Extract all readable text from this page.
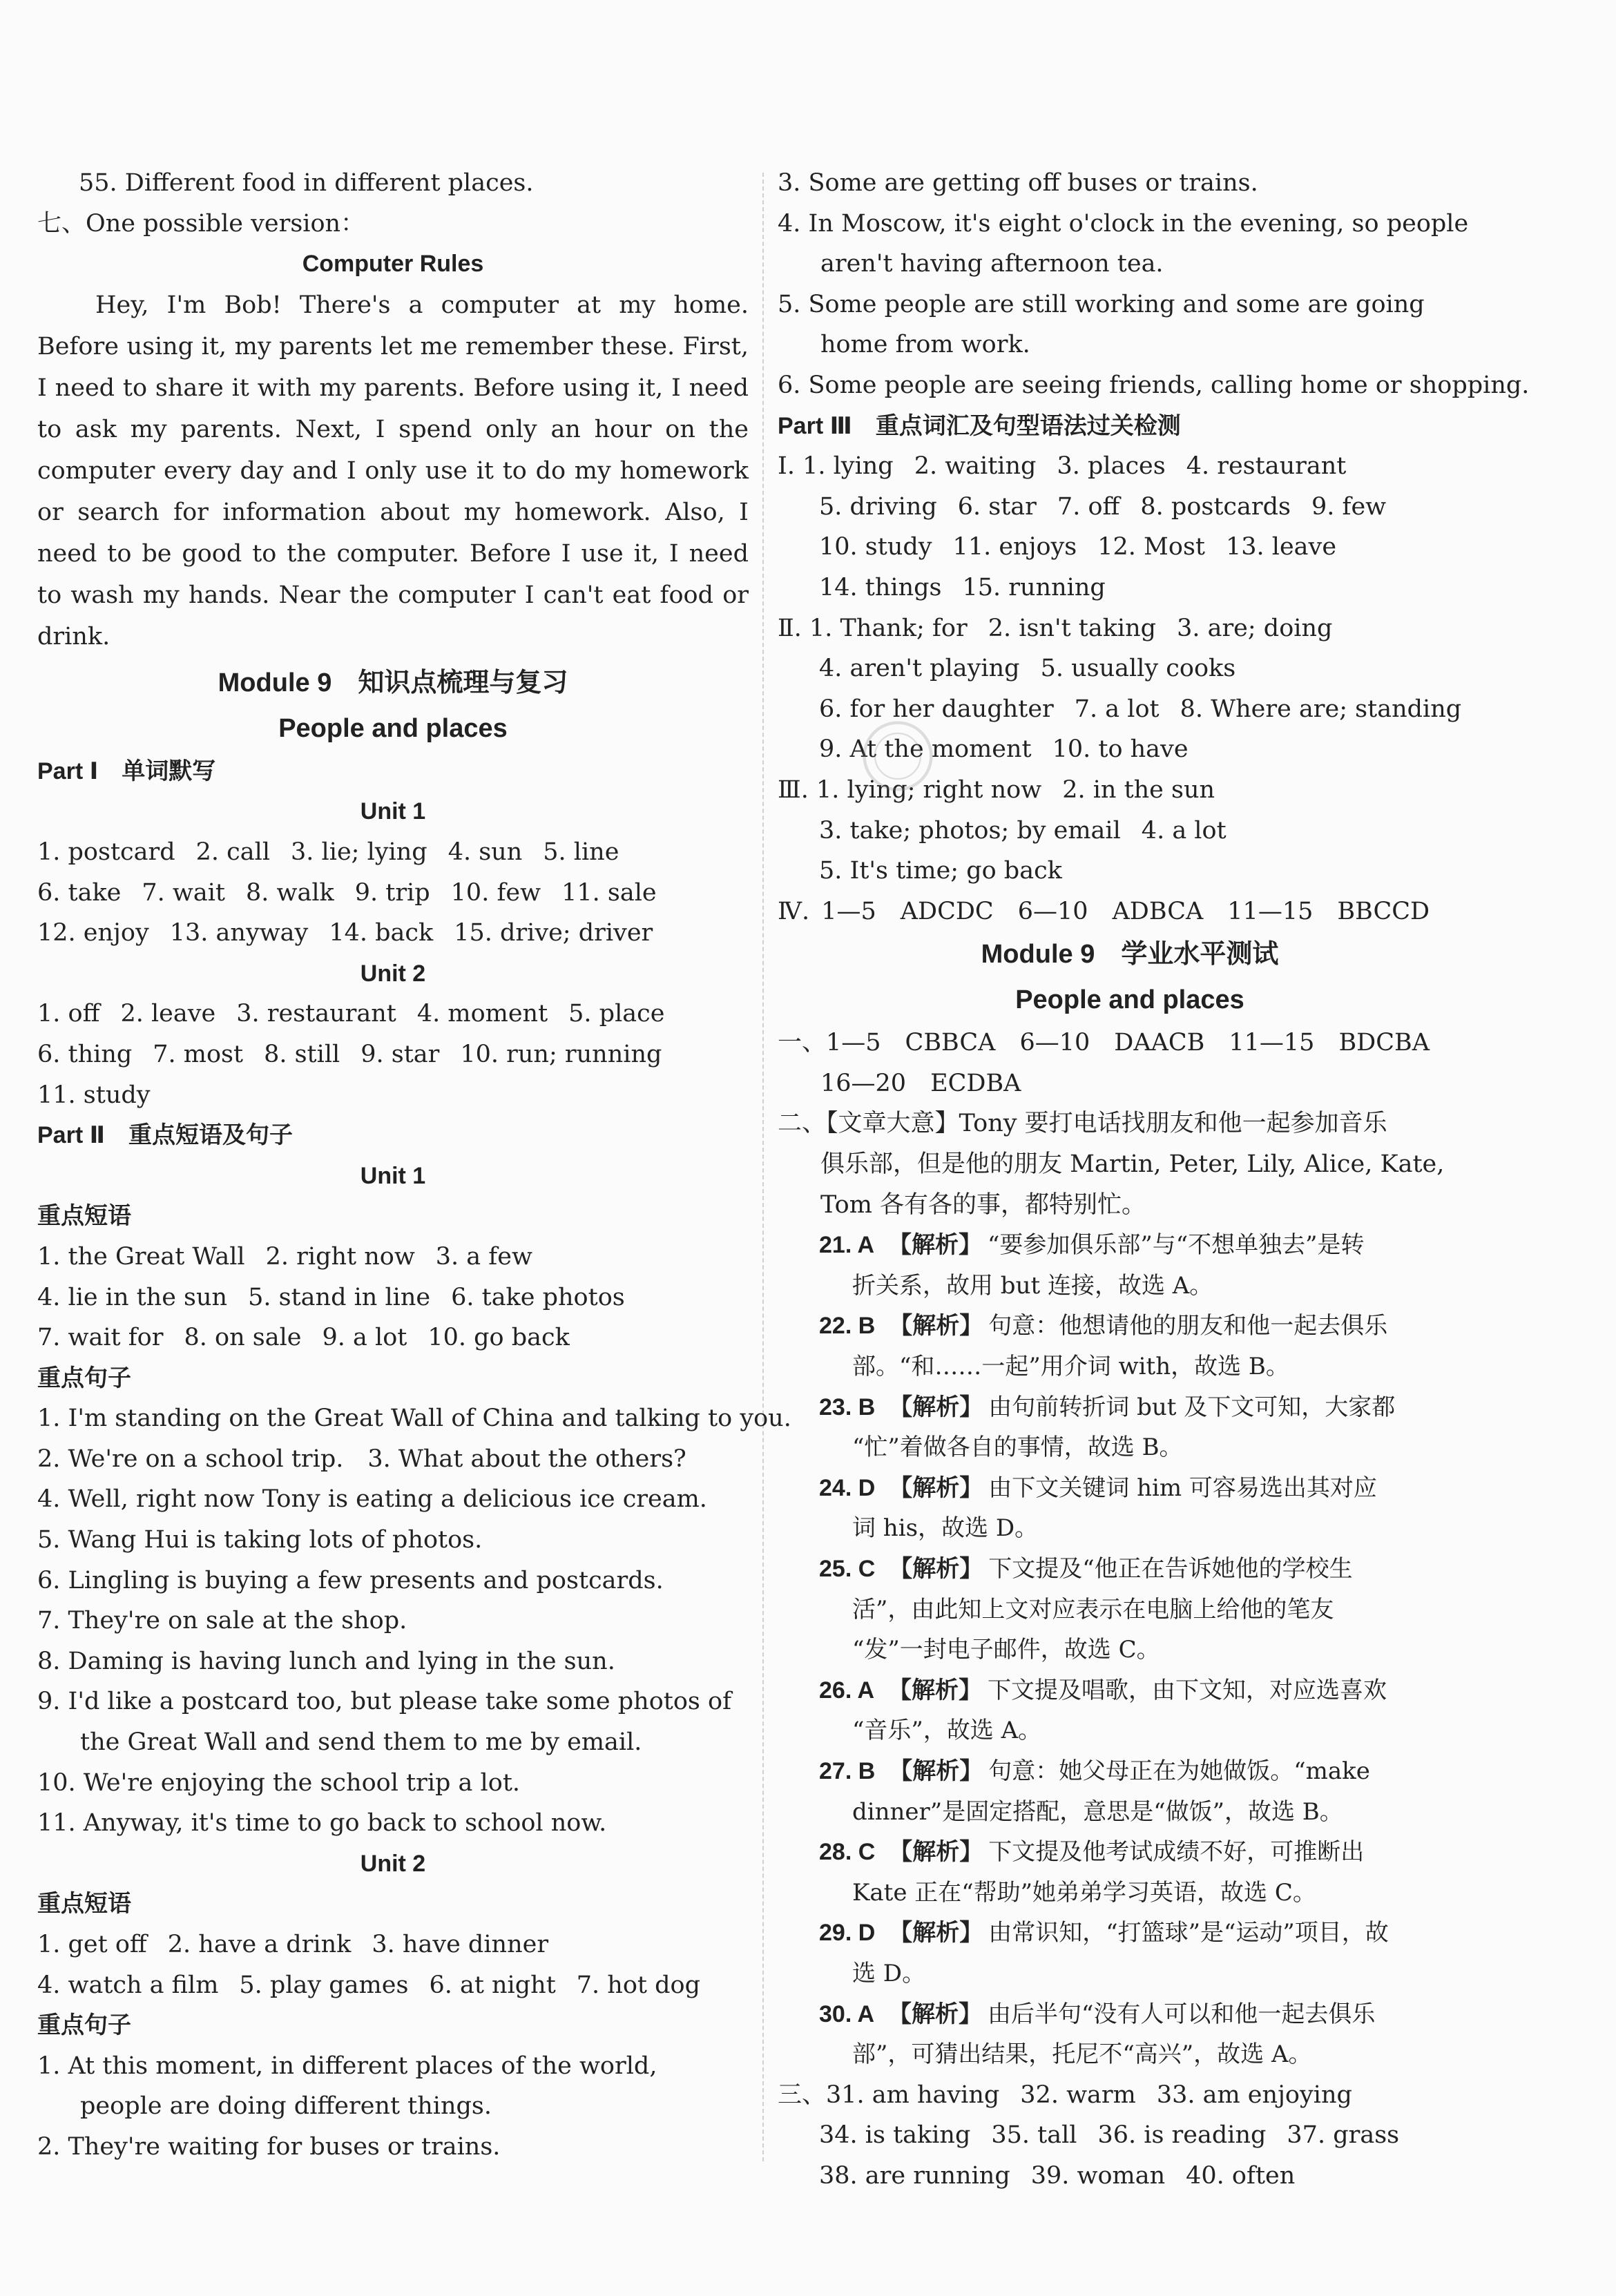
55. Different food in different places.
七、One possible version：
Computer Rules
Hey, I'm Bob! There's a computer at my home. Before using it, my parents let me remember these. First, I need to share it with my parents. Before using it, I need to ask my parents. Next, I spend only an hour on the computer every day and I only use it to do my homework or search for information about my homework. Also, I need to be good to the computer. Before I use it, I need to wash my hands. Near the computer I can't eat food or drink.
Module 9　知识点梳理与复习
People and places
Part Ⅰ　单词默写
Unit 1
1. postcard 2. call 3. lie; lying 4. sun 5. line
6. take 7. wait 8. walk 9. trip 10. few 11. sale
12. enjoy 13. anyway 14. back 15. drive; driver
Unit 2
1. off 2. leave 3. restaurant 4. moment 5. place
6. thing 7. most 8. still 9. star 10. run; running
11. study
Part Ⅱ　重点短语及句子
Unit 1
重点短语
1. the Great Wall 2. right now 3. a few
4. lie in the sun 5. stand in line 6. take photos
7. wait for 8. on sale 9. a lot 10. go back
重点句子
1. I'm standing on the Great Wall of China and talking to you.
2. We're on a school trip.　3. What about the others?
4. Well, right now Tony is eating a delicious ice cream.
5. Wang Hui is taking lots of photos.
6. Lingling is buying a few presents and postcards.
7. They're on sale at the shop.
8. Daming is having lunch and lying in the sun.
9. I'd like a postcard too, but please take some photos of
the Great Wall and send them to me by email.
10. We're enjoying the school trip a lot.
11. Anyway, it's time to go back to school now.
Unit 2
重点短语
1. get off 2. have a drink 3. have dinner
4. watch a film 5. play games 6. at night 7. hot dog
重点句子
1. At this moment, in different places of the world,
people are doing different things.
2. They're waiting for buses or trains.
3. Some are getting off buses or trains.
4. In Moscow, it's eight o'clock in the evening, so people
aren't having afternoon tea.
5. Some people are still working and some are going
home from work.
6. Some people are seeing friends, calling home or shopping.
Part Ⅲ　重点词汇及句型语法过关检测
Ⅰ. 1. lying 2. waiting 3. places 4. restaurant
5. driving 6. star 7. off 8. postcards 9. few
10. study 11. enjoys 12. Most 13. leave
14. things 15. running
Ⅱ. 1. Thank; for 2. isn't taking 3. are; doing
4. aren't playing 5. usually cooks
6. for her daughter 7. a lot 8. Where are; standing
9. At the moment 10. to have
Ⅲ. 1. lying; right now 2. in the sun
3. take; photos; by email 4. a lot
5. It's time; go back
Ⅳ. 1—5　ADCDC　6—10　ADBCA　11—15　BBCCD
Module 9　学业水平测试
People and places
一、1—5　CBBCA　6—10　DAACB　11—15　BDCBA
16—20　ECDBA
二、【文章大意】Tony 要打电话找朋友和他一起参加音乐
俱乐部，但是他的朋友 Martin, Peter, Lily, Alice, Kate,
Tom 各有各的事，都特别忙。
21. A 【解析】 “要参加俱乐部”与“不想单独去”是转
折关系，故用 but 连接，故选 A。
22. B 【解析】 句意：他想请他的朋友和他一起去俱乐
部。“和……一起”用介词 with，故选 B。
23. B 【解析】 由句前转折词 but 及下文可知，大家都
“忙”着做各自的事情，故选 B。
24. D 【解析】 由下文关键词 him 可容易选出其对应
词 his，故选 D。
25. C 【解析】 下文提及“他正在告诉她他的学校生
活”，由此知上文对应表示在电脑上给他的笔友
“发”一封电子邮件，故选 C。
26. A 【解析】 下文提及唱歌，由下文知，对应选喜欢
“音乐”，故选 A。
27. B 【解析】 句意：她父母正在为她做饭。“make
dinner”是固定搭配，意思是“做饭”，故选 B。
28. C 【解析】 下文提及他考试成绩不好，可推断出
Kate 正在“帮助”她弟弟学习英语，故选 C。
29. D 【解析】 由常识知，“打篮球”是“运动”项目，故
选 D。
30. A 【解析】 由后半句“没有人可以和他一起去俱乐
部”，可猜出结果，托尼不“高兴”，故选 A。
三、31. am having 32. warm 33. am enjoying
34. is taking 35. tall 36. is reading 37. grass
38. are running 39. woman 40. often
